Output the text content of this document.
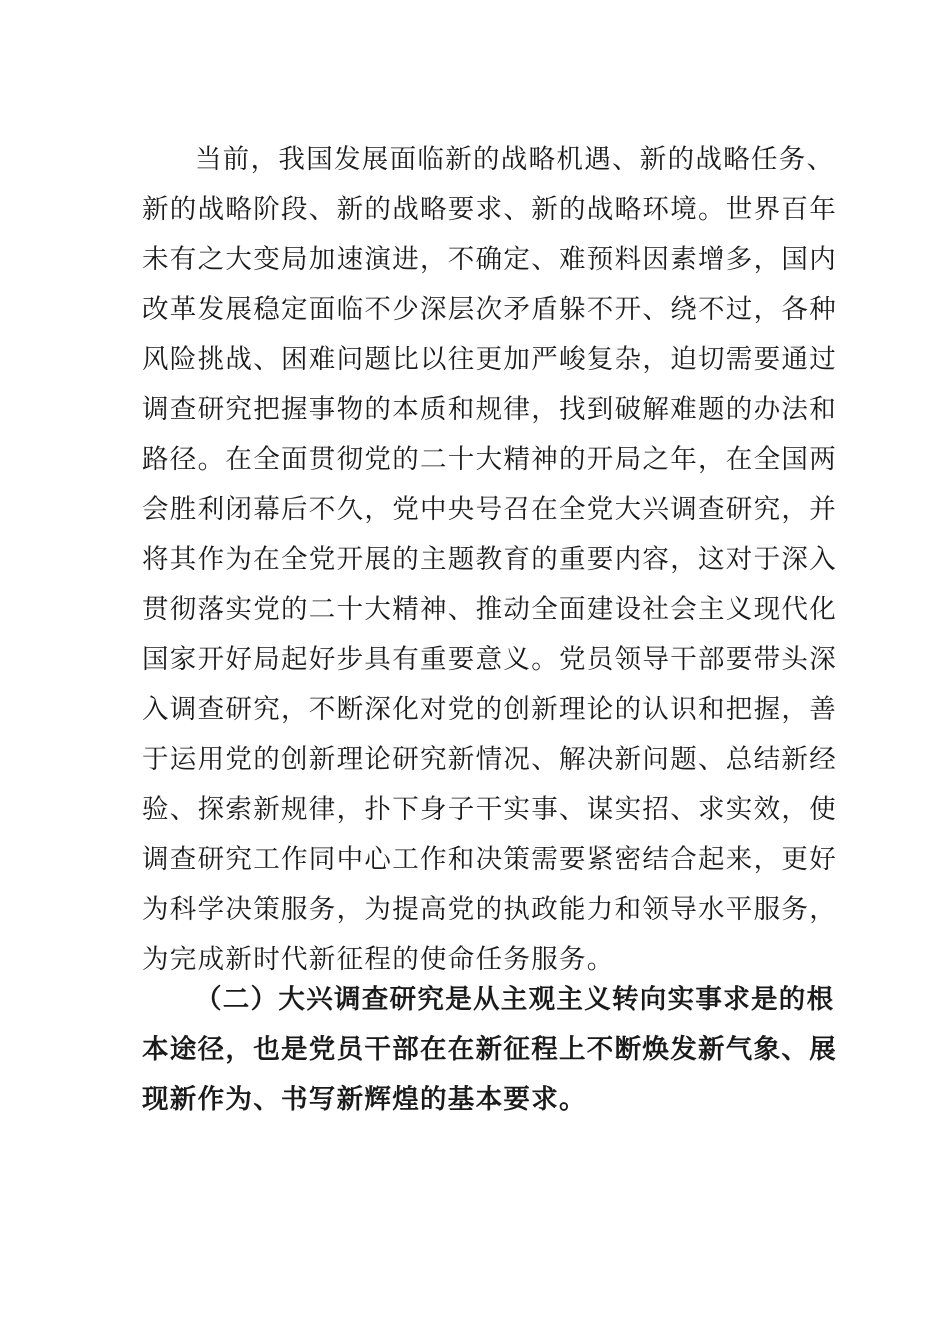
当前，我国发展面临新的战略机遇、新的战略任务、
新的战略阶段、新的战略要求、新的战略环境。世界百年
未有之大变局加速演进，不确定、难预料因素增多，国内
改革发展稳定面临不少深层次矛盾躲不开、绕不过，各种
风险挑战、困难问题比以往更加严峻复杂，迫切需要通过
调查研究把握事物的本质和规律，找到破解难题的办法和
路径。在全面贯彻党的二十大精神的开局之年，在全国两
会胜利闭幕后不久，党中央号召在全党大兴调查研究，并
将其作为在全党开展的主题教育的重要内容，这对于深入
贯彻落实党的二十大精神、推动全面建设社会主义现代化
国家开好局起好步具有重要意义。党员领导干部要带头深
入调查研究，不断深化对党的创新理论的认识和把握，善
于运用党的创新理论研究新情况、解决新问题、总结新经
验、探索新规律，扑下身子干实事、谋实招、求实效，使
调查研究工作同中心工作和决策需要紧密结合起来，更好
为科学决策服务，为提高党的执政能力和领导水平服务，
为完成新时代新征程的使命任务服务。
（二）大兴调查研究是从主观主义转向实事求是的根
本途径，也是党员干部在在新征程上不断焕发新气象、展
现新作为、书写新辉煌的基本要求。
